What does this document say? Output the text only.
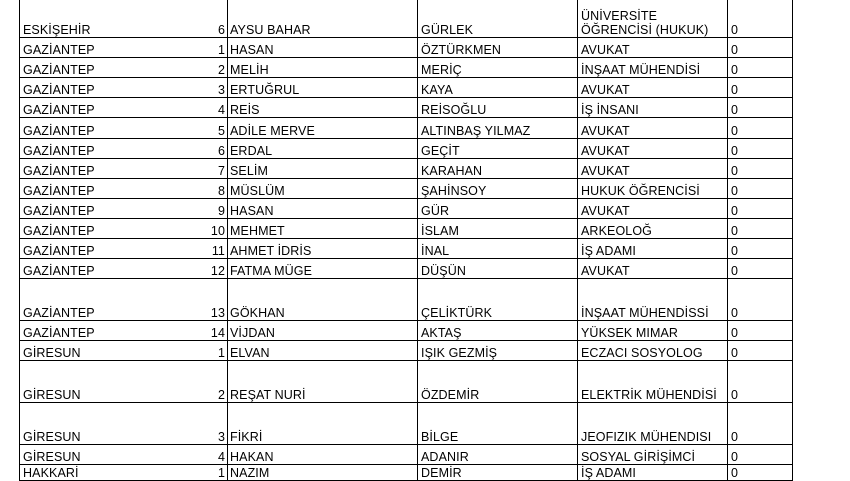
ESKİŞEHİR 6	AYSU BAHAR	GÜRLEK	ÜNİVERSİTE ÖĞRENCİSİ (HUKUK)	0
GAZİANTEP 1	HASAN	ÖZTÜRKMEN	AVUKAT	0
GAZİANTEP 2	MELİH	MERİÇ	İNŞAAT MÜHENDİSİ	0
GAZİANTEP 3	ERTUĞRUL	KAYA	AVUKAT	0
GAZİANTEP 4	REİS	REİSOĞLU	İŞ İNSANI	0
GAZİANTEP 5	ADİLE MERVE	ALTINBAŞ YILMAZ	AVUKAT	0
GAZİANTEP 6	ERDAL	GEÇİT	AVUKAT	0
GAZİANTEP 7	SELİM	KARAHAN	AVUKAT	0
GAZİANTEP 8	MÜSLÜM	ŞAHİNSOY	HUKUK ÖĞRENCİSİ	0
GAZİANTEP 9	HASAN	GÜR	AVUKAT	0
GAZİANTEP 10	MEHMET	İSLAM	ARKEOLOĞ	0
GAZİANTEP 11	AHMET İDRİS	İNAL	İŞ ADAMI	0
GAZİANTEP 12	FATMA MÜGE	DÜŞÜN	AVUKAT	0
GAZİANTEP 13	GÖKHAN	ÇELİKTÜRK	İNŞAAT MÜHENDİSSİ	0
GAZİANTEP 14	VİJDAN	AKTAŞ	YÜKSEK MIMAR	0
GİRESUN 1	ELVAN	IŞIK GEZMİŞ	ECZACI SOSYOLOG	0
GİRESUN 2	REŞAT NURİ	ÖZDEMİR	ELEKTRİK MÜHENDİSİ	0
GİRESUN 3	FİKRİ	BİLGE	JEOFIZIK MÜHENDISI	0
GİRESUN 4	HAKAN	ADANIR	SOSYAL GİRİŞİMCİ	0
HAKKARİ 1	NAZIM	DEMİR	İŞ ADAMI	0
